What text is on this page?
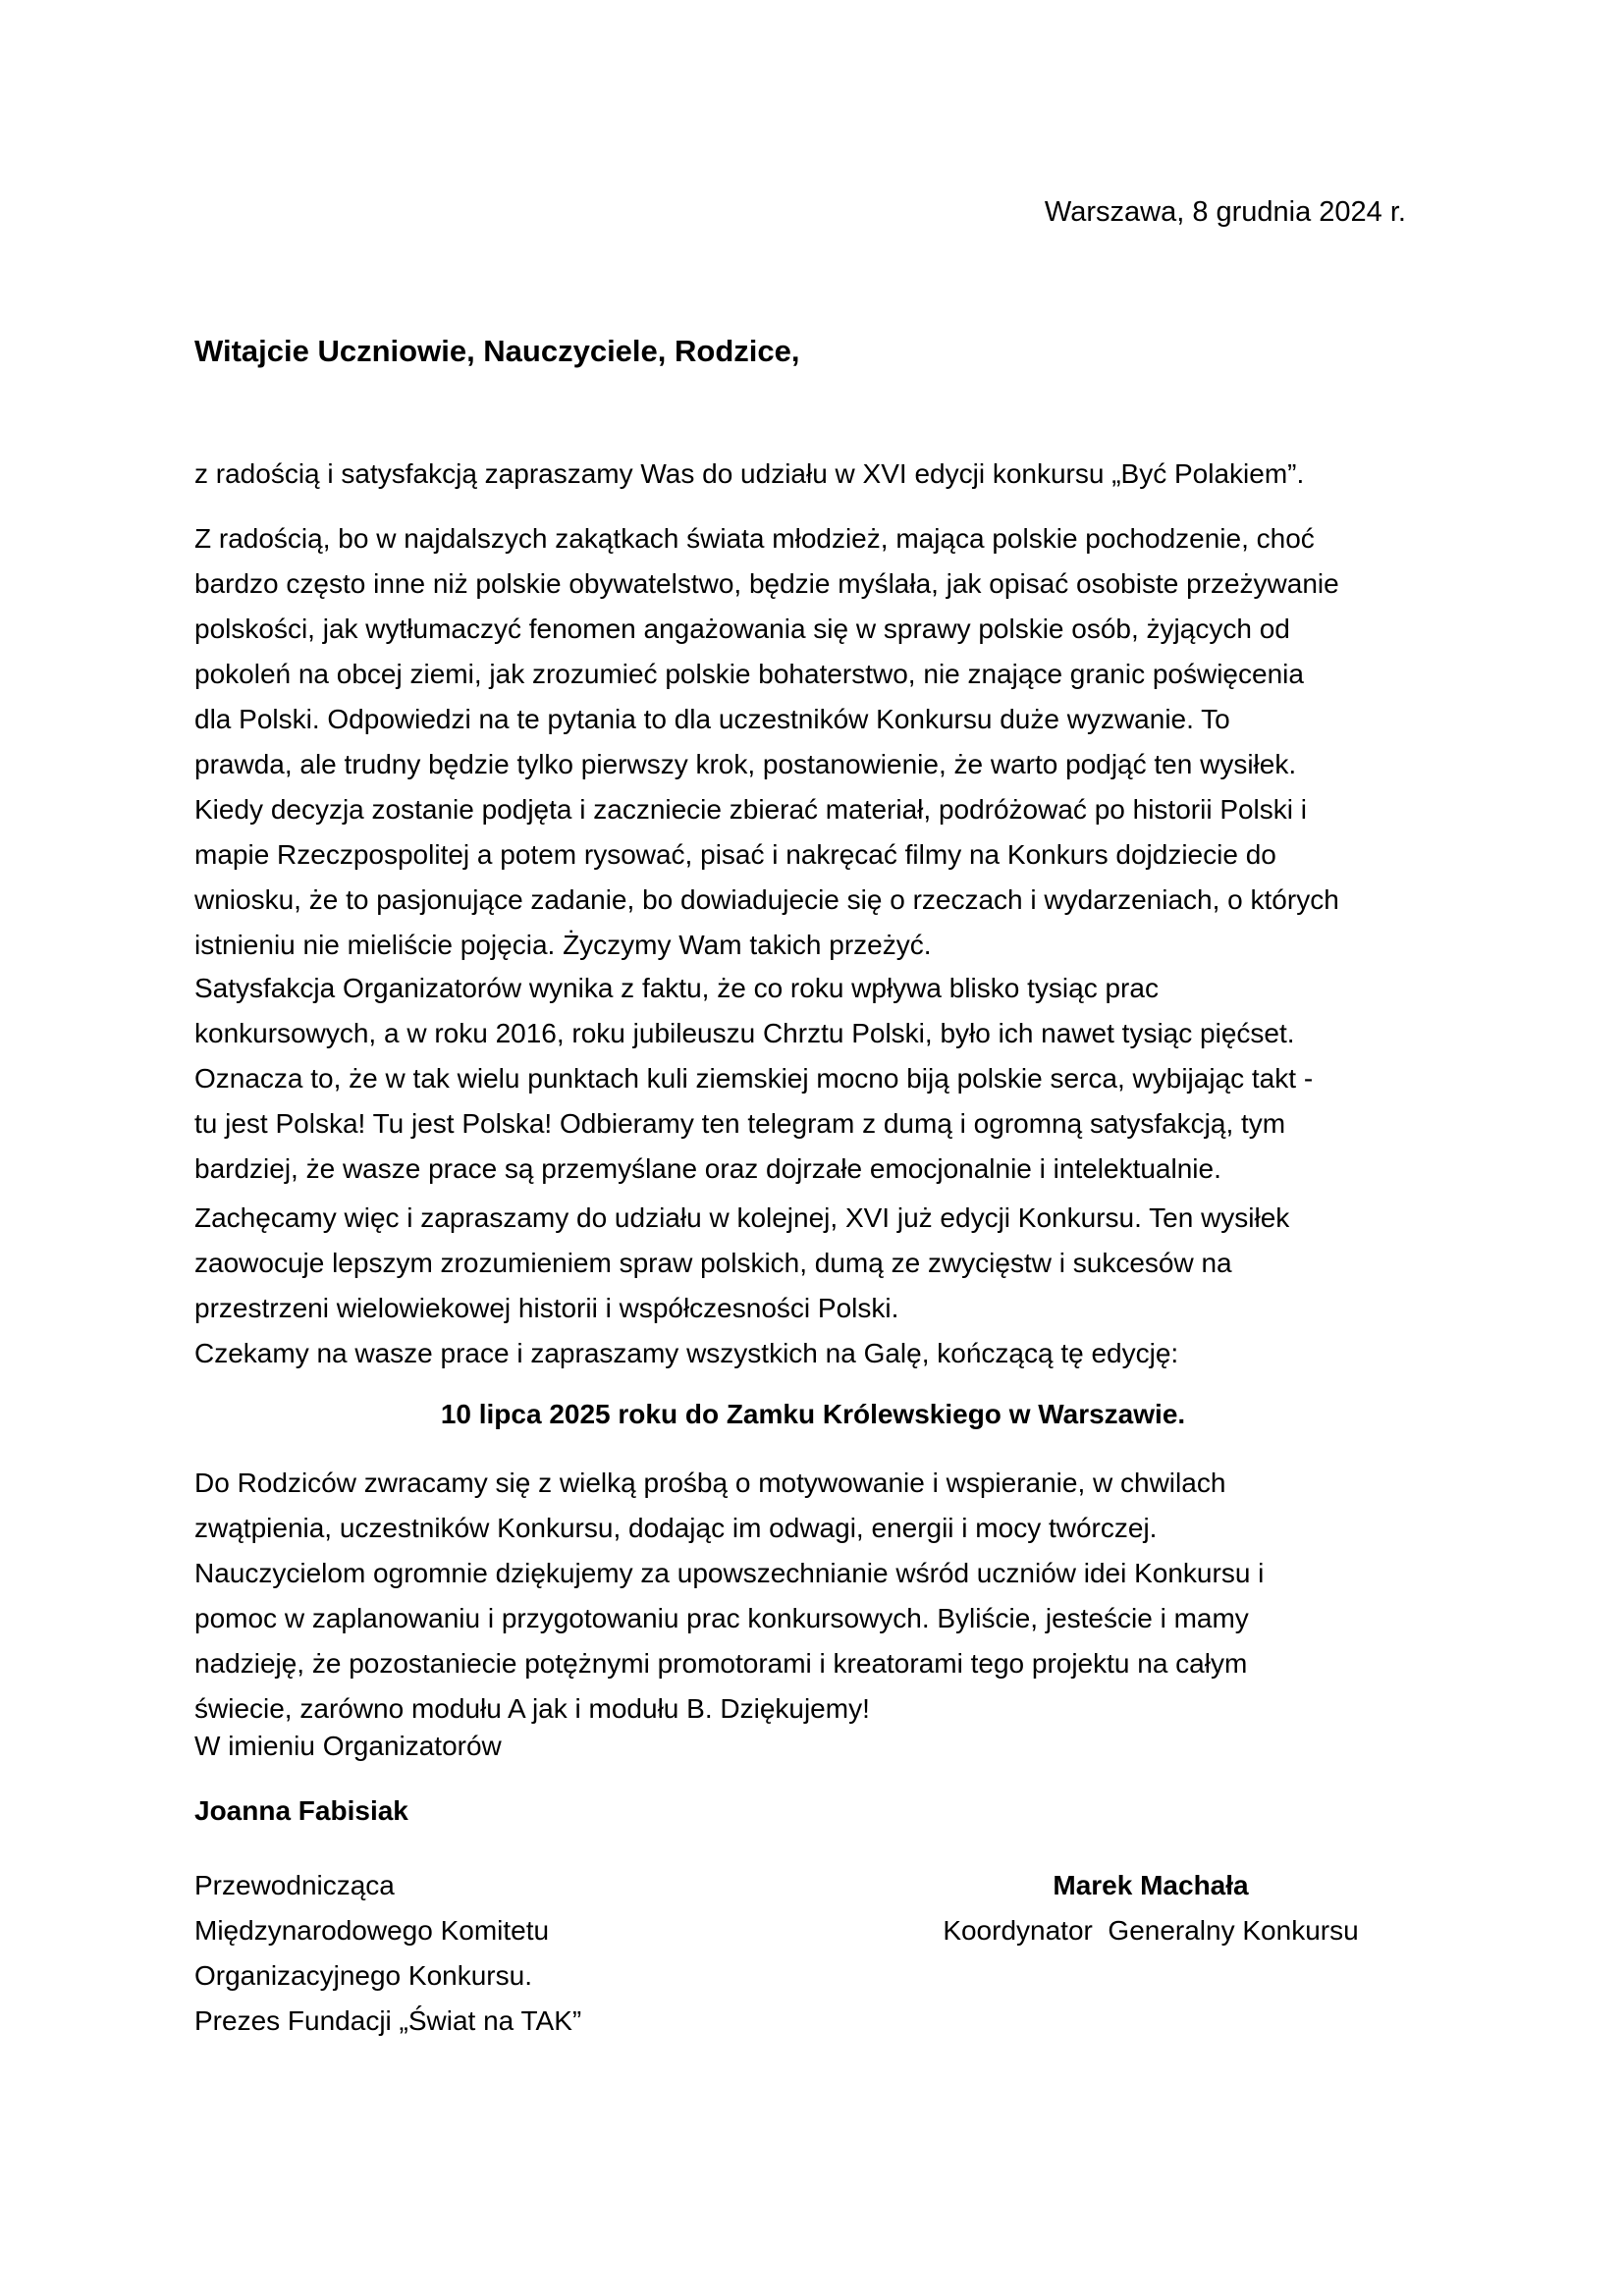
Warszawa, 8 grudnia 2024 r.
Witajcie Uczniowie, Nauczyciele, Rodzice,
z radością i satysfakcją zapraszamy Was do udziału w XVI edycji konkursu „Być Polakiem”.
Z radością, bo w najdalszych zakątkach świata młodzież, mająca polskie pochodzenie, choć
bardzo często inne niż polskie obywatelstwo, będzie myślała, jak opisać osobiste przeżywanie
polskości, jak wytłumaczyć fenomen angażowania się w sprawy polskie osób, żyjących od
pokoleń na obcej ziemi, jak zrozumieć polskie bohaterstwo, nie znające granic poświęcenia
dla Polski. Odpowiedzi na te pytania to dla uczestników Konkursu duże wyzwanie. To
prawda, ale trudny będzie tylko pierwszy krok, postanowienie, że warto podjąć ten wysiłek.
Kiedy decyzja zostanie podjęta i zaczniecie zbierać materiał, podróżować po historii Polski i
mapie Rzeczpospolitej a potem rysować, pisać i nakręcać filmy na Konkurs dojdziecie do
wniosku, że to pasjonujące zadanie, bo dowiadujecie się o rzeczach i wydarzeniach, o których
istnieniu nie mieliście pojęcia. Życzymy Wam takich przeżyć.
Satysfakcja Organizatorów wynika z faktu, że co roku wpływa blisko tysiąc prac
konkursowych, a w roku 2016, roku jubileuszu Chrztu Polski, było ich nawet tysiąc pięćset.
Oznacza to, że w tak wielu punktach kuli ziemskiej mocno biją polskie serca, wybijając takt -
tu jest Polska! Tu jest Polska! Odbieramy ten telegram z dumą i ogromną satysfakcją, tym
bardziej, że wasze prace są przemyślane oraz dojrzałe emocjonalnie i intelektualnie.
Zachęcamy więc i zapraszamy do udziału w kolejnej, XVI już edycji Konkursu. Ten wysiłek
zaowocuje lepszym zrozumieniem spraw polskich, dumą ze zwycięstw i sukcesów na
przestrzeni wielowiekowej historii i współczesności Polski.
Czekamy na wasze prace i zapraszamy wszystkich na Galę, kończącą tę edycję:
10 lipca 2025 roku do Zamku Królewskiego w Warszawie.
Do Rodziców zwracamy się z wielką prośbą o motywowanie i wspieranie, w chwilach
zwątpienia, uczestników Konkursu, dodając im odwagi, energii i mocy twórczej.
Nauczycielom ogromnie dziękujemy za upowszechnianie wśród uczniów idei Konkursu i
pomoc w zaplanowaniu i przygotowaniu prac konkursowych. Byliście, jesteście i mamy
nadzieję, że pozostaniecie potężnymi promotorami i kreatorami tego projektu na całym
świecie, zarówno modułu A jak i modułu B. Dziękujemy!
W imieniu Organizatorów
Joanna Fabisiak
Przewodnicząca
Międzynarodowego Komitetu
Organizacyjnego Konkursu.
Prezes Fundacji „Świat na TAK”
Marek Machała
Koordynator  Generalny Konkursu
